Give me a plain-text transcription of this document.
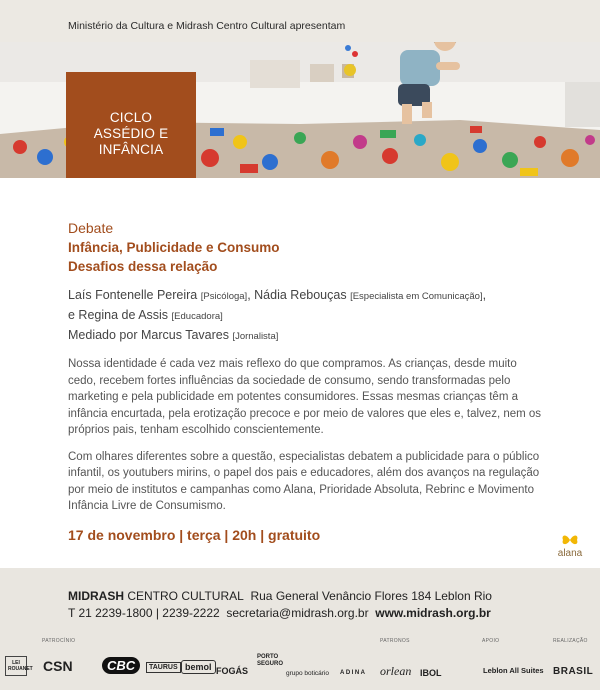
Ministério da Cultura e Midrash Centro Cultural apresentam
CICLO
ASSÉDIO E
INFÂNCIA
Debate
Infância, Publicidade e Consumo
Desafios dessa relação
Laís Fontenelle Pereira [Psicóloga], Nádia Rebouças [Especialista em Comunicação],
e Regina de Assis [Educadora]
Mediado por Marcus Tavares [Jornalista]
Nossa identidade é cada vez mais reflexo do que compramos. As crianças, desde muito cedo, recebem fortes influências da sociedade de consumo, sendo transformadas pelo marketing e pela publicidade em potentes consumidores. Essas mesmas crianças têm a infância encurtada, pela erotização precoce e por meio de valores que eles e, talvez, nem os próprios pais, tenham escolhido conscientemente.
Com olhares diferentes sobre a questão, especialistas debatem a publicidade para o público infantil, os youtubers mirins, o papel dos pais e educadores, além dos avanços na regulação por meio de institutos e campanhas como Alana, Prioridade Absoluta, Rebrinc e Movimento Infância Livre de Consumismo.
17 de novembro | terça | 20h | gratuito
alana
MIDRASH CENTRO CULTURAL Rua General Venâncio Flores 184 Leblon Rio
T 21 2239-1800 | 2239-2222 secretaria@midrash.org.br www.midrash.org.br
PATROCÍNIO	PATRONOS	APOIO	REALIZAÇÃO
LEI ROUANET CSN	CBC	TAURUS bemol FOGÁS
PORTO SEGURO
grupo boticário ADINA orlean IBOL	Leblon All Suites BRASIL
